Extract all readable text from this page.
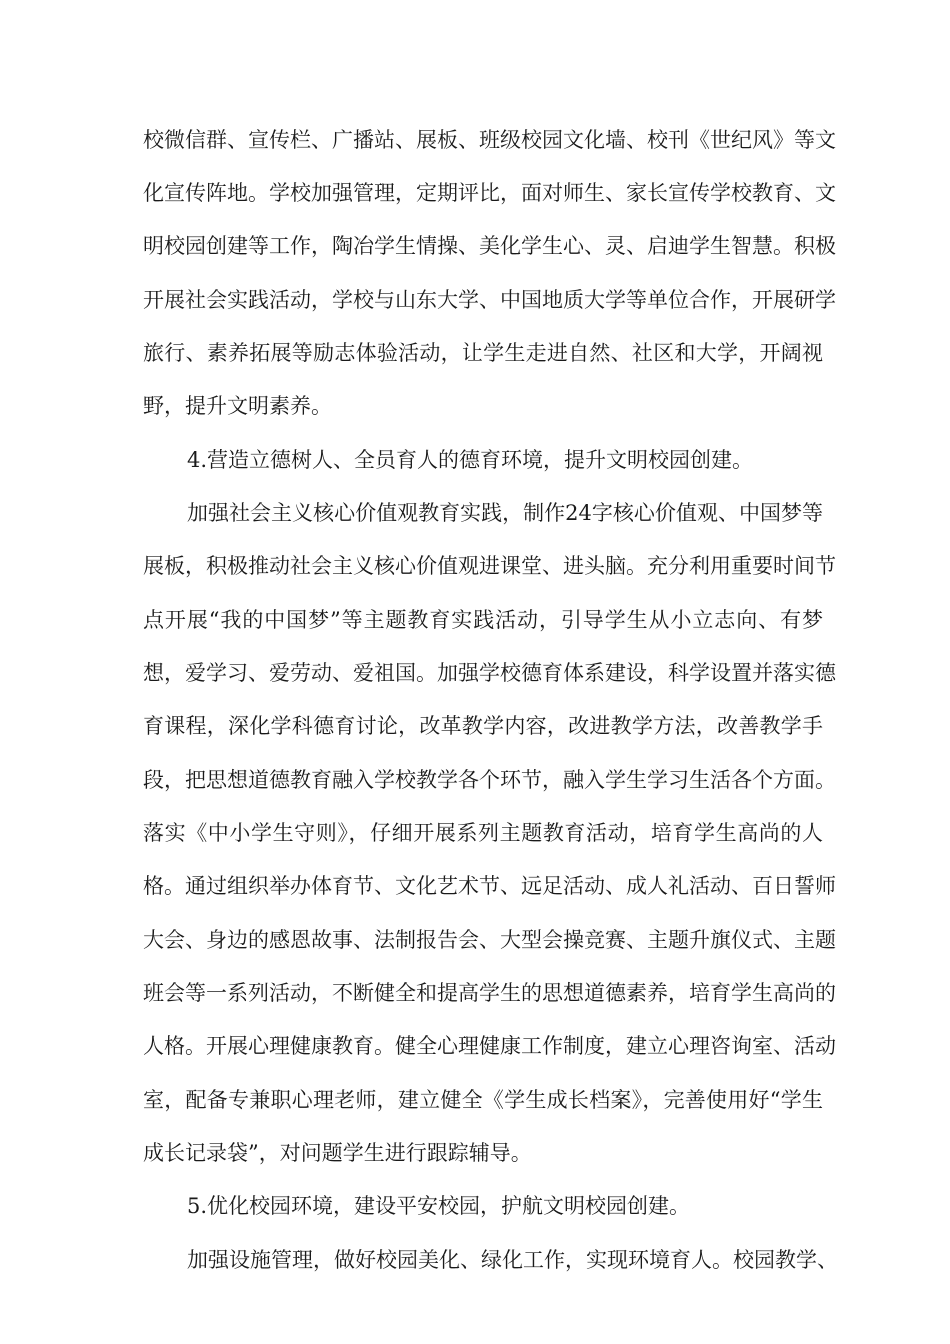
校微信群、宣传栏、广播站、展板、班级校园文化墙、校刊《世纪风》等文
化宣传阵地。学校加强管理，定期评比，面对师生、家长宣传学校教育、文
明校园创建等工作，陶冶学生情操、美化学生心、灵、启迪学生智慧。积极
开展社会实践活动，学校与山东大学、中国地质大学等单位合作，开展研学
旅行、素养拓展等励志体验活动，让学生走进自然、社区和大学，开阔视
野，提升文明素养。
4.营造立德树人、全员育人的德育环境，提升文明校园创建。
加强社会主义核心价值观教育实践，制作24字核心价值观、中国梦等
展板，积极推动社会主义核心价值观进课堂、进头脑。充分利用重要时间节
点开展“我的中国梦”等主题教育实践活动，引导学生从小立志向、有梦
想，爱学习、爱劳动、爱祖国。加强学校德育体系建设，科学设置并落实德
育课程，深化学科德育讨论，改革教学内容，改进教学方法，改善教学手
段，把思想道德教育融入学校教学各个环节，融入学生学习生活各个方面。
落实《中小学生守则》，仔细开展系列主题教育活动，培育学生高尚的人
格。通过组织举办体育节、文化艺术节、远足活动、成人礼活动、百日誓师
大会、身边的感恩故事、法制报告会、大型会操竞赛、主题升旗仪式、主题
班会等一系列活动，不断健全和提高学生的思想道德素养，培育学生高尚的
人格。开展心理健康教育。健全心理健康工作制度，建立心理咨询室、活动
室，配备专兼职心理老师，建立健全《学生成长档案》，完善使用好“学生
成长记录袋”，对问题学生进行跟踪辅导。
5.优化校园环境，建设平安校园，护航文明校园创建。
加强设施管理，做好校园美化、绿化工作，实现环境育人。校园教学、
